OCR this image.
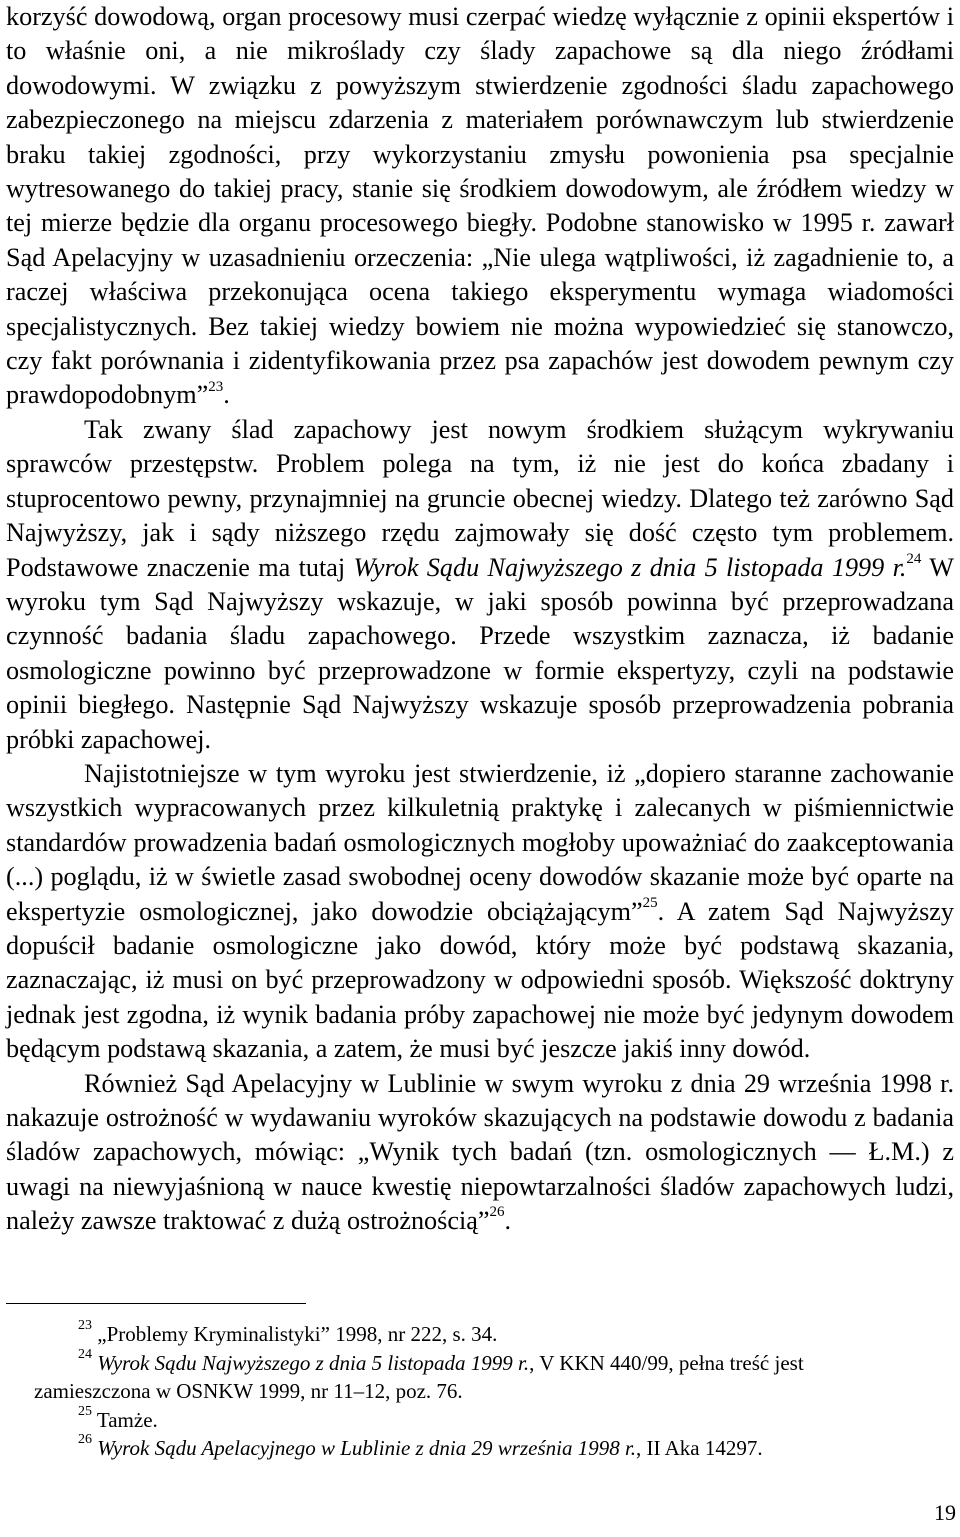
korzyść dowodową, organ procesowy musi czerpać wiedzę wyłącznie z opinii ekspertów i to właśnie oni, a nie mikroślady czy ślady zapachowe są dla niego źródłami dowodowymi. W związku z powyższym stwierdzenie zgodności śladu zapachowego zabezpieczonego na miejscu zdarzenia z materiałem porównawczym lub stwierdzenie braku takiej zgodności, przy wykorzystaniu zmysłu powonienia psa specjalnie wytresowanego do takiej pracy, stanie się środkiem dowodowym, ale źródłem wiedzy w tej mierze będzie dla organu procesowego biegły. Podobne stanowisko w 1995 r. zawarł Sąd Apelacyjny w uzasadnieniu orzeczenia: „Nie ulega wątpliwości, iż zagadnienie to, a raczej właściwa przekonująca ocena takiego eksperymentu wymaga wiadomości specjalistycznych. Bez takiej wiedzy bowiem nie można wypowiedzieć się stanowczo, czy fakt porównania i zidentyfikowania przez psa zapachów jest dowodem pewnym czy prawdopodobnym”$^{23}$.

Tak zwany ślad zapachowy jest nowym środkiem służącym wykrywaniu sprawców przestępstw. Problem polega na tym, iż nie jest do końca zbadany i stuprocentowo pewny, przynajmniej na gruncie obecnej wiedzy. Dlatego też zarówno Sąd Najwyższy, jak i sądy niższego rzędu zajmowały się dość często tym problemem. Podstawowe znaczenie ma tutaj Wyrok Sądu Najwyższego z dnia 5 listopada 1999 r.$^{24}$ W wyroku tym Sąd Najwyższy wskazuje, w jaki sposób powinna być przeprowadzana czynność badania śladu zapachowego. Przede wszystkim zaznacza, iż badanie osmologiczne powinno być przeprowadzone w formie ekspertyzy, czyli na podstawie opinii biegłego. Następnie Sąd Najwyższy wskazuje sposób przeprowadzenia pobrania próbki zapachowej.

Najistotniejsze w tym wyroku jest stwierdzenie, iż „dopiero staranne zachowanie wszystkich wypracowanych przez kilkuletnią praktykę i zalecanych w piśmiennictwie standardów prowadzenia badań osmologicznych mogłoby upoważniać do zaakceptowania (...) poglądu, iż w świetle zasad swobodnej oceny dowodów skazanie może być oparte na ekspertyzie osmologicznej, jako dowodzie obciążającym”$^{25}$. A zatem Sąd Najwyższy dopuścił badanie osmologiczne jako dowód, który może być podstawą skazania, zaznaczając, iż musi on być przeprowadzony w odpowiedni sposób. Większość doktryny jednak jest zgodna, iż wynik badania próby zapachowej nie może być jedynym dowodem będącym podstawą skazania, a zatem, że musi być jeszcze jakiś inny dowód.

Również Sąd Apelacyjny w Lublinie w swym wyroku z dnia 29 września 1998 r. nakazuje ostrożność w wydawaniu wyroków skazujących na podstawie dowodu z badania śladów zapachowych, mówiąc: „Wynik tych badań (tzn. osmologicznych — Ł.M.) z uwagi na niewyjaśnioną w nauce kwestię niepowtarzalności śladów zapachowych ludzi, należy zawsze traktować z dużą ostrożnością”$^{26}$.

$^{23}$ „Problemy Kryminalistyki” 1998, nr 222, s. 34.

$^{24}$ Wyrok Sądu Najwyższego z dnia 5 listopada 1999 r., V KKN 440/99, pełna treść jest

zamieszczona w OSNKW 1999, nr 11–12, poz. 76.

$^{25}$ Tamże.

$^{26}$ Wyrok Sądu Apelacyjnego w Lublinie z dnia 29 września 1998 r., II Aka 14297.

19
